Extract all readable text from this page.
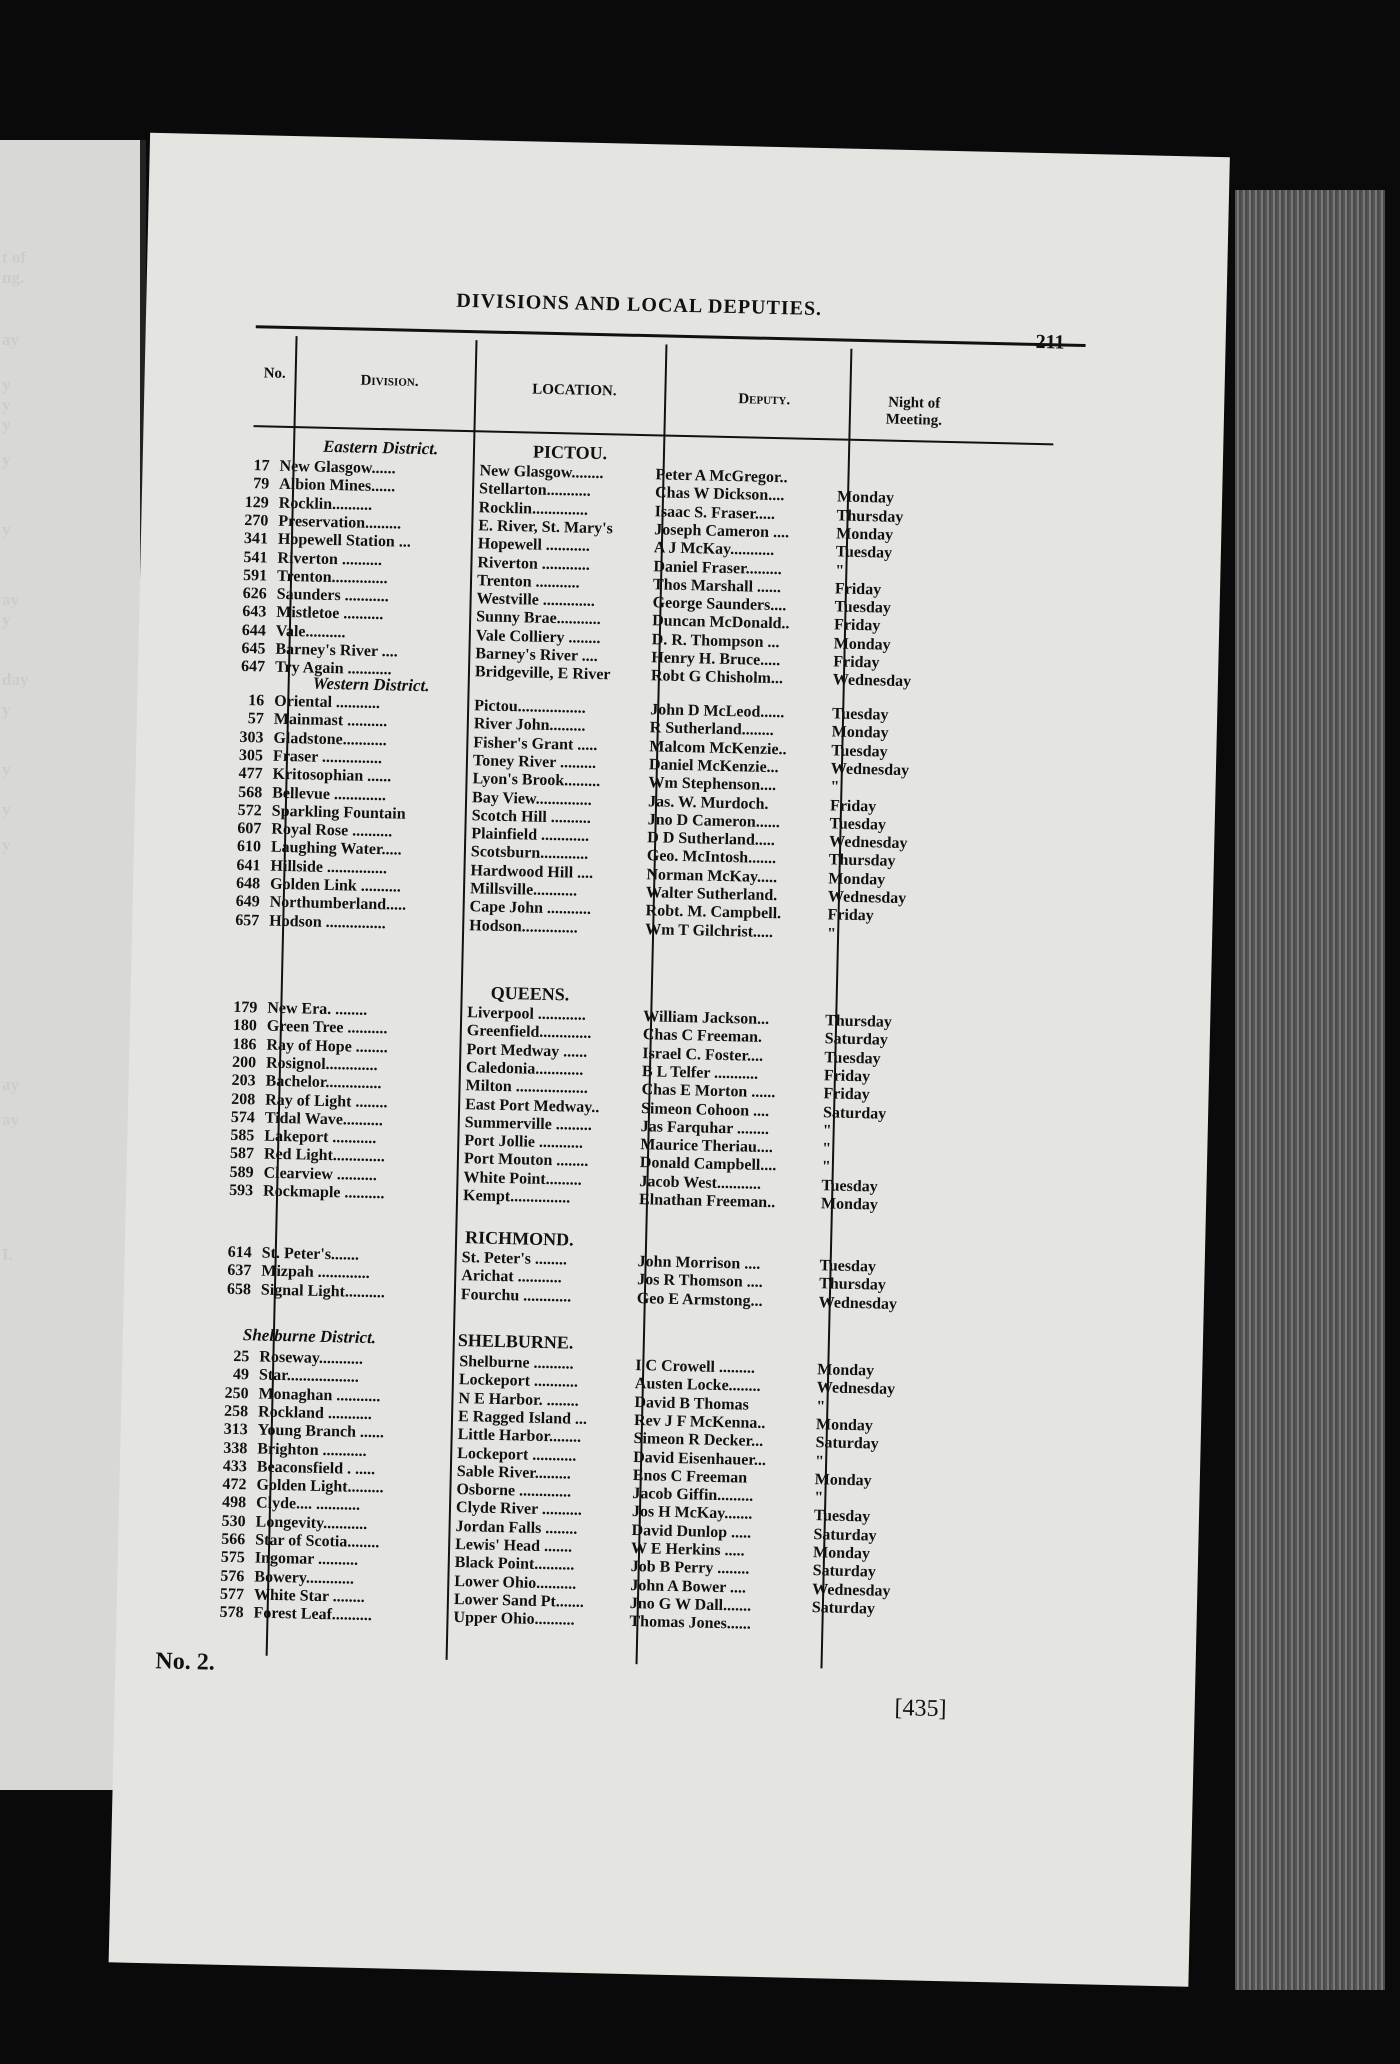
DIVISIONS AND LOCAL DEPUTIES.
211
No.	Division.
LOCATION.
Deputy.	Night of Meeting.
Eastern District.	PICTOU.
Western District.
QUEENS.
RICHMOND.
SHELBURNE.
Shelburne District.
17 New Glasgow......	New Glasgow........	Peter A McGregor..
79 Albion Mines......	Stellarton...........	Chas W Dickson....	Monday
129 Rocklin..........	Rocklin..............	Isaac S. Fraser.....	Thursday
270 Preservation.........	E. River, St. Mary's	Joseph Cameron ....	Monday
341 Hopewell Station ...	Hopewell ...........	A J McKay...........	Tuesday
541 Riverton ..........	Riverton ............	Daniel Fraser.........	"
591 Trenton..............	Trenton ...........	Thos Marshall ......	Friday
626 Saunders ...........	Westville .............	George Saunders....	Tuesday
643 Mistletoe ..........	Sunny Brae...........	Duncan McDonald..	Friday
644 Vale..........	Vale Colliery ........	D. R. Thompson ...	Monday
645 Barney's River ....	Barney's River ....	Henry H. Bruce.....	Friday
647 Try Again ...........	Bridgeville, E River	Robt G Chisholm...	Wednesday
16 Oriental ...........	Pictou.................	John D McLeod......	Tuesday
57 Mainmast ..........	River John.........	R Sutherland........	Monday
303 Gladstone...........	Fisher's Grant .....	Malcom McKenzie..	Tuesday
305 Fraser ...............	Toney River .........	Daniel McKenzie...	Wednesday
477 Kritosophian ......	Lyon's Brook.........	Wm Stephenson....	"
568 Bellevue .............	Bay View..............	Jas. W. Murdoch.	Friday
572 Sparkling Fountain	Scotch Hill ..........	Jno D Cameron......	Tuesday
607 Royal Rose ..........	Plainfield ............	D D Sutherland.....	Wednesday
610 Laughing Water.....	Scotsburn............	Geo. McIntosh.......	Thursday
641 Hillside ...............	Hardwood Hill ....	Norman McKay.....	Monday
648 Golden Link ..........	Millsville...........	Walter Sutherland.	Wednesday
649 Northumberland.....	Cape John ...........	Robt. M. Campbell.	Friday
657 Hodson ...............	Hodson..............	Wm T Gilchrist.....	"
179 New Era. ........	Liverpool ............	William Jackson...	Thursday
180 Green Tree ..........	Greenfield.............	Chas C Freeman.	Saturday
186 Ray of Hope ........	Port Medway ......	Israel C. Foster....	Tuesday
200 Rosignol.............	Caledonia............	B L Telfer ...........	Friday
203 Bachelor..............	Milton ..................	Chas E Morton ......	Friday
208 Ray of Light ........	East Port Medway..	Simeon Cohoon ....	Saturday
574 Tidal Wave..........	Summerville .........	Jas Farquhar ........	"
585 Lakeport ...........	Port Jollie ...........	Maurice Theriau....	"
587 Red Light.............	Port Mouton ........	Donald Campbell....	"
589 Clearview ..........	White Point.........	Jacob West...........	Tuesday
593 Rockmaple ..........	Kempt...............	Elnathan Freeman..	Monday
614 St. Peter's.......	St. Peter's ........	John Morrison ....	Tuesday
637 Mizpah .............	Arichat ...........	Jos R Thomson ....	Thursday
658 Signal Light..........	Fourchu ............	Geo E Armstong...	Wednesday
25 Roseway...........	Shelburne ..........	I C Crowell .........	Monday
49 Star..................	Lockeport ...........	Austen Locke........	Wednesday
250 Monaghan ...........	N E Harbor. ........	David B Thomas	"
258 Rockland ...........	E Ragged Island ...	Rev J F McKenna..	Monday
313 Young Branch ......	Little Harbor........	Simeon R Decker...	Saturday
338 Brighton ...........	Lockeport ...........	David Eisenhauer...	"
433 Beaconsfield . .....	Sable River.........	Enos C Freeman	Monday
472 Golden Light.........	Osborne .............	Jacob Giffin.........	"
498 Clyde.... ...........	Clyde River ..........	Jos H McKay.......	Tuesday
530 Longevity...........	Jordan Falls ........	David Dunlop .....	Saturday
566 Star of Scotia........	Lewis' Head .......	W E Herkins .....	Monday
575 Ingomar ..........	Black Point..........	Job B Perry ........	Saturday
576 Bowery............	Lower Ohio..........	John A Bower ....	Wednesday
577 White Star ........	Lower Sand Pt.......	Jno G W Dall.......	Saturday
578 Forest Leaf..........	Upper Ohio..........	Thomas Jones......
No. 2.
[435]
t of
ng.
ay
y
y
y
y
y
ay
y
day
y
y
y
y
ay
ay
I.
